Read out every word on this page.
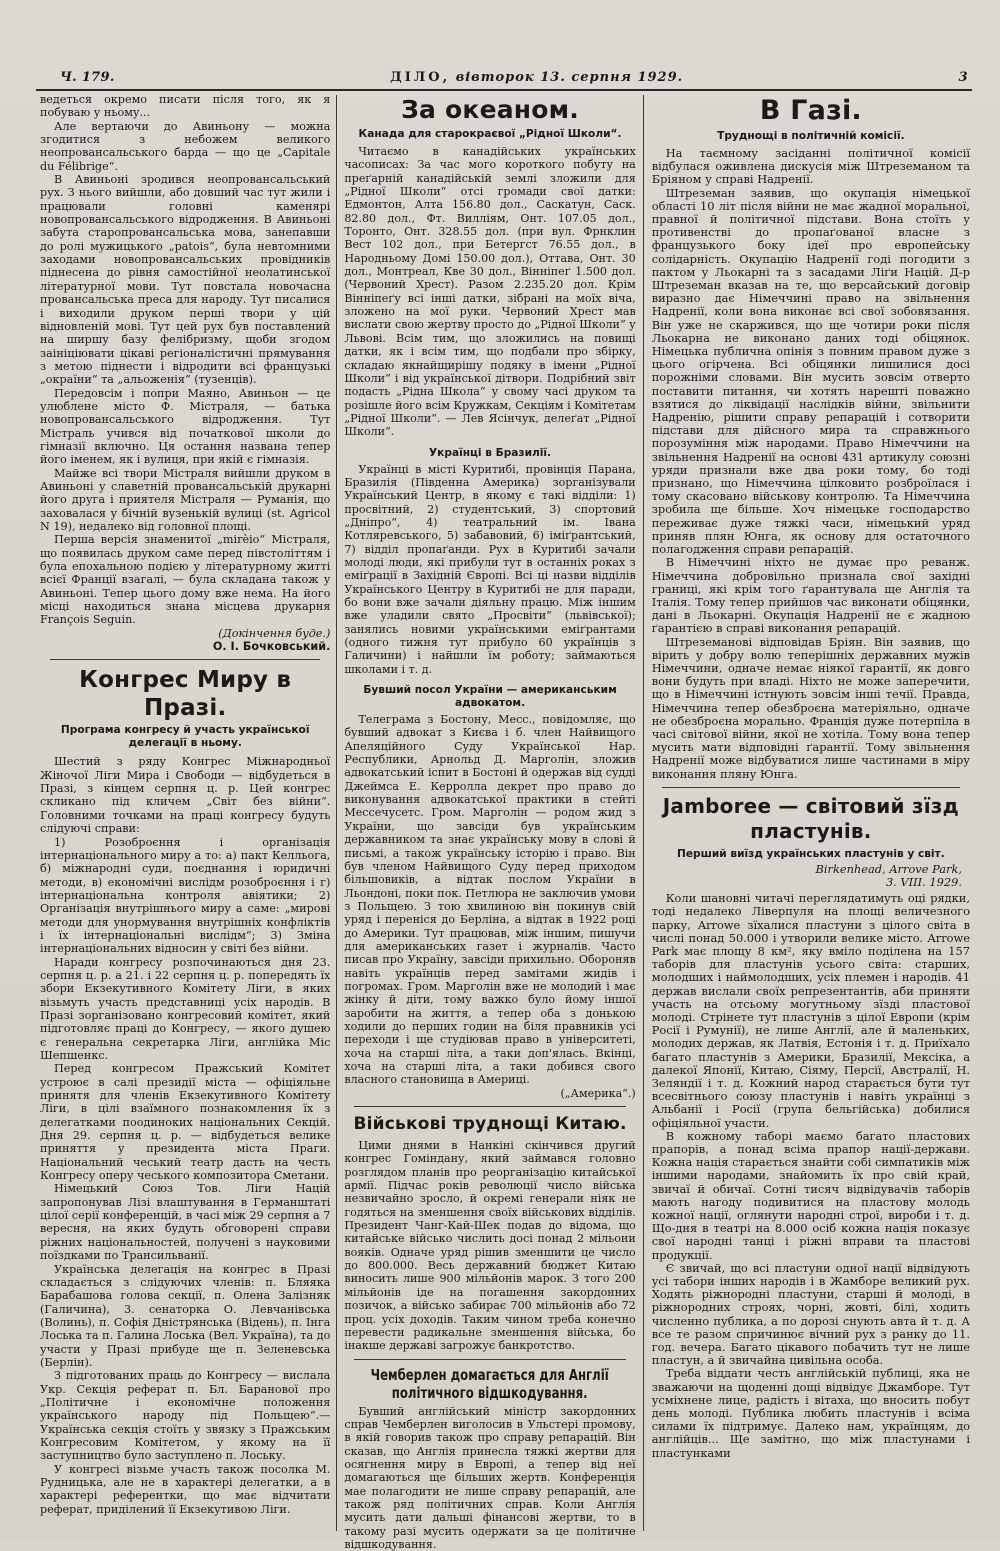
Ч. 179.	ДІЛО, вівторок 13. серпня 1929.	3

ведеться окремо писати після того, як я побуваю у ньому...

Але вертаючи до Авиньону — можна згодитися з небожем великого неопровансальського барда — що це „Capitale du Félibrige“.

В Авиньоні зродився неопровансальський рух. З нього вийшли, або довший час тут жили і працювали головні каменярі новопровансальського відродження. В Авиньоні забута старопровансальська мова, занепавши до ролі мужицького „patois“, була невтомними заходами новопровансальських провідників піднесена до рівня самостійної неолатинської літературної мови. Тут повстала новочасна провансальська преса для народу. Тут писалися і виходили друком перші твори у цій відновленій мові. Тут цей рух був поставлений на ширшу базу фелібризму, щоби згодом заініціювати цікаві регіоналістичні прямування з метою піднести і відродити всі французькі „окраїни“ та „альоженія“ (тузенців).

Передовсім і попри Маяно, Авиньон — це улюблене місто Ф. Містраля, — батька новопровансальського відродження. Тут Містраль учився від початкової школи до гімназії включно. Ця остання названа тепер його іменем, як і вулиця, при якій є гімназія.

Майже всі твори Містраля вийшли друком в Авиньоні у славетній провансальській друкарні його друга і приятеля Містраля — Руманія, що заховалася у бічній вузенькій вулиці (st. Agricol N 19), недалеко від головної площі.

Перша версія знаменитої „mirèio“ Містраля, що появилась друком саме перед півстоліттям і була епохальною подією у літературному житті всієї Франції взагалі, — була складана також у Авиньоні. Тепер цього дому вже нема. На його місці находиться знана місцева друкарня François Seguin.

(Докінчення буде.)

О. І. Бочковський.

Конгрес Миру в Празі.
Програма конгресу й участь української делегації в ньому.

Шестий з ряду Конгрес Міжнародньої Жіночої Ліги Мира і Свободи — відбудеться в Празі, з кінцем серпня ц. р. Цей конгрес скликано під кличем „Світ без війни“. Головними точками на праці конгресу будуть слідуючі справи:

1) Розоброєння і організація інтернаціонального миру а то: а) пакт Келльога, б) міжнародні суди, поєднання і юридичні методи, в) економічні вислідм розоброєння і г) інтернаціональна контроля авіятики; 2) Організація внутрішнього миру а саме: „мирові методи для унормування внутрішніх конфліктів і їх інтернаціональні вислідм“; 3) Зміна інтернаціональних відносин у світі без війни.

Наради конгресу розпочинаються дня 23. серпня ц. р. а 21. і 22 серпня ц. р. попередять їх збори Екзекутивного Комітету Ліги, в яких візьмуть участь представниці усіх народів. В Празі зорганізовано конгресовий комітет, який підготовляє праці до Конгресу, — якого душею є генеральна секретарка Ліги, англійка Міс Шепшенкс.

Перед конгресом Пражський Комітет устроює в салі президії міста — офіціяльне принятя для членів Екзекутивного Комітету Ліги, в цілі взаїмного познакомлення їх з делегатками поодиноких національних Секцій. Дня 29. серпня ц. р. — відбудеться велике приняття у президента міста Праги. Національний чеський театр дасть на честь Конгресу оперу чеського композитора Сметани.

Німецький Союз Тов. Ліги Націй запропонував Лізі влаштування в Германштаті цілої серії конференцій, в часі між 29 серпня а 7 вересня, на яких будуть обговорені справи ріжних національностей, получені з науковими поїздками по Трансильванії.

Українська делегація на конгрес в Празі складається з слідуючих членів: п. Бляяка Барабашова голова секції, п. Олена Залізняк (Галичина), 3. сенаторка О. Левчанівська (Волинь), п. Софія Дністрянська (Відень), п. Інга Лоська та п. Галина Лоська (Вел. Україна), та до участи у Празі прибуде ще п. Зеленевська (Берлін).

З підготованих праць до Конгресу — вислала Укр. Секція реферат п. Бл. Баранової про „Політичне і економічне положення українського народу під Польщею“.— Українська секція стоїть у звязку з Пражським Конгресовим Комітетом, у якому на її заступництво було заступлено п. Лоську.

У конгресі візьме участь також посолка М. Рудницька, але не в характері делегатки, а в характері референтки, що має відчитати реферат, приділений її Екзекутивою Ліги.

За океаном.
Канада для старокраєвої „Рідної Школи“.

Читаємо в канадійських українських часописах: За час мого короткого побуту на преґарній канадійській землі зложили для „Рідної Школи“ отсі громади свої датки: Едмонтон, Алта 156.80 дол., Саскатун, Саск. 82.80 дол., Фт. Вилліям, Онт. 107.05 дол., Торонто, Онт. 328.55 дол. (при вул. Фрнклин Вест 102 дол., при Бетергст 76.55 дол., в Народньому Домі 150.00 дол.), Оттава, Онт. 30 дол., Монтреал, Кве 30 дол., Вінніпеґ 1.500 дол. (Червоний Хрест). Разом 2.235.20 дол. Крім Вінніпеґу всі інші датки, зібрані на моїх віча, зложено на мої руки. Червоний Хрест мав вислати свою жертву просто до „Рідної Школи“ у Львові. Всім тим, що зложились на повищі датки, як і всім тим, що подбали про збірку, складаю якнайщирішу подяку в імени „Рідної Школи“ і від української дітвори. Подрібний звіт подасть „Рідна Школа“ у свому часі друком та розішле його всім Кружкам, Секціям і Комітетам „Рідної Школи“. — Лев Ясінчук, делеґат „Рідної Школи“.

Українці в Бразилії.

Українці в місті Куритибі, провінція Парана, Бразилія (Південна Америка) зорганізували Український Центр, в якому є такі відділи: 1) просвітний, 2) студентський, 3) спортовий „Дніпро“, 4) театральний ім. Івана Котляревського, 5) забавовий, 6) іміґрантський, 7) відділ пропаґанди. Рух в Куритибі зачали молоді люди, які прибули тут в останніх роках з еміґрації в Західній Європі. Всі ці назви відділів Українського Центру в Куритибі не для паради, бо вони вже зачали діяльну працю. Між іншим вже уладили свято „Просвіти“ (львівської); занялись новими українськими еміґрантами (одного тижня тут прибуло 60 українців з Галичини) і найшли їм роботу; займаються школами і т. д.

Бувший посол України — американським адвокатом.

Телеграма з Бостону, Месс., повідомляє, що бувший адвокат з Києва і б. член Найвищого Апеляційного Суду Української Нар. Республики, Арнольд Д. Марголін, зложив адвокатський іспит в Бостоні й одержав від судді Джеймса Е. Керролла декрет про право до виконування адвокатської практики в стейті Мессечусетс. Гром. Марголін — родом жид з України, що завсіди був українським державником та знає українську мову в слові й письмі, а також українську історію і право. Він був членом Найвищого Суду перед приходом більшовиків, а відтак послом України в Льондоні, поки пок. Петлюра не заключив умови з Польщею. З тою хвилиною він покинув свій уряд і переніся до Берліна, а відтак в 1922 році до Америки. Тут працював, між іншим, пишучи для американських газет і журналів. Часто писав про Україну, завсіди прихильно. Обороняв навіть українців перед замітами жидів і погромах. Гром. Марголін вже не молодий і має жінку й діти, тому важко було йому іншої заробити на життя, а тепер оба з донькою ходили до перших годин на біля правників усі переходи і ще студіював право в університеті, хоча на старші літа, а таки доп'ялась. Вкінці, хоча на старші літа, а таки добився свого власного становища в Америці.

(„Америка“.)

Військові труднощі Китаю.

Цими днями в Нанкіні скінчився другий конгрес Гоміндану, який займався головно розглядом планів про реорганізацію китайської армії. Підчас років революції число війська незвичайно зросло, й окремі генерали ніяк не годяться на зменшення своїх військових відділів. Президент Чанг-Кай-Шек подав до відома, що китайське військо числить досі понад 2 мільони вояків. Одначе уряд рішив зменшити це число до 800.000. Весь державний бюджет Китаю виносить лише 900 мільйонів марок. З того 200 мільйонів іде на погашення закордонних позичок, а військо забирає 700 мільйонів або 72 проц. усіх доходів. Таким чином треба конечно перевести радикальне зменшення війська, бо інакше державі загрожує банкротство.

Чемберлен домагається для Англії політичного відшкодування.

Бувший англійський міністр закордонних справ Чемберлен виголосив в Ульстері промову, в якій говорив також про справу репарацій. Він сказав, що Англія принесла тяжкі жертви для осягнення миру в Европі, а тепер від неї домагаються ще більших жертв. Конференція мае полагодити не лише справу репарацій, але також ряд політичних справ. Коли Англія мусить дати дальші фінансові жертви, то в такому разі мусить одержати за це політичне відшкодування.

В Газі.
Труднощі в політичній комісії.

На таємному засіданні політичної комісії відбулася оживлена дискусія між Штреземаном та Бріяном у справі Надренії.

Штреземан заявив, що окупація німецької області 10 літ після війни не має жадної моральної, правної й політичної підстави. Вона стоїть у противенстві до пропаґованої власне з французького боку ідеї про европейську солідарність. Окупацію Надренії годі погодити з пактом у Льокарні та з засадами Ліґи Націй. Д-р Штреземан вказав на те, що версайський договір виразно дає Німеччині право на звільнення Надренії, коли вона виконає всі свої зобовязання. Він уже не скаржився, що ще чотири роки після Льокарна не виконано даних тоді обіцянок. Німецька публична опінія з повним правом дуже з цього огірчена. Всі обіцянки лишилися досі порожніми словами. Він мусить зовсім отверто поставити питання, чи хотять нарешті поважно взятися до ліквідації наслідків війни, звільнити Надренію, рішити справу репарацій і сотворити підстави для дійсного мира та справжнього порозуміння між народами. Право Німеччини на звільнення Надренії на основі 431 артикулу союзні уряди признали вже два роки тому, бо тоді признано, що Німеччина цілковито розброїлася і тому скасовано військову контролю. Та Німеччина зробила ще більше. Хоч німецьке господарство переживає дуже тяжкі часи, німецький уряд приняв плян Юнга, як основу для остаточного полагодження справи репарацій.

В Німеччині ніхто не думає про реванж. Німеччина добровільно признала свої західні границі, які крім того ґарантувала ще Англія та Італія. Тому тепер прийшов час виконати обіцянки, дані в Льокарні. Окупація Надренії не є жадною ґарантією в справі виконання репарацій.

Штреземанові відповідав Бріян. Він заявив, що вірить у добру волю теперішніх державних мужів Німеччини, одначе немає ніякої ґарантії, як довго вони будуть при владі. Ніхто не може заперечити, що в Німеччині істнують зовсім інші течії. Правда, Німеччина тепер обезброєна матеріяльно, одначе не обезброєна морально. Франція дуже потерпіла в часі світової війни, якої не хотіла. Тому вона тепер мусить мати відповідні ґарантії. Тому звільнення Надренії може відбуватися лише частинами в міру виконання пляну Юнга.

Jamboree — світовий зїзд пластунів.
Перший виїзд українських пластунів у світ.

Birkenhead, Arrove Park,

3. VIII. 1929.

Коли шановні читачі переглядатимуть оці рядки, тоді недалеко Ліверпуля на площі величезного парку, Arrowe зїхалися пластуни з цілого світа в числі понад 50.000 і утворили велике місто. Arrowe Park має площу 8 км², яку вміло поділена на 157 таборів для пластунів усього світа: старших, молодших і наймолодших, усіх племен і народів. 41 держав вислали своїх репрезентантів, аби приняти участь на отсьому могутньому зїзді пластової молоді. Стрінете тут пластунів з цілої Европи (крім Росії і Румунії), не лише Англії, але й маленьких, молодих держав, як Латвія, Естонія і т. д. Приїхало багато пластунів з Америки, Бразилії, Мексіка, а далекої Японії, Китаю, Сіяму, Персії, Австралії, Н. Зеляндії і т. д. Кожний народ старається бути тут всесвітнього союзу пластунів і навіть українці з Альбанії і Росії (група бельгійська) добилися офіціяльної участи.

В кожному таборі маємо багато пластових прапорів, а понад всіма прапор нації-держави. Кожна нація старається знайти собі симпатиків між іншими народами, знайомить їх про свій край, звичаї й обичаї. Сотні тисяч відвідувачів таборів мають нагоду подивитися на пластову молодь кожної нації, оглянути народні строї, вироби і т. д. Що-дня в театрі на 8.000 осіб кожна нація показує свої народні танці і ріжні вправи та пластові продукції.

Є звичай, що всі пластуни одної нації відвідують усі табори інших народів і в Жамборе великий рух. Ходять ріжнородні пластуни, старші й молоді, в ріжнородних строях, чорні, жовті, білі, ходить численно публика, а по дорозі снують авта й т. д. А все те разом спричинює вічний рух з ранку до 11. год. вечера. Багато цікавого побачить тут не лише пластун, а й звичайна цивільна особа.

Треба віддати честь англійській публиці, яка не зважаючи на щоденні дощі відвідує Джамборе. Тут усміхнене лице, радість і вітаха, що вносить побут день молоді. Публика любить пластунів і всіма силами їх підтримує. Далеко нам, українцям, до англійців... Ще замітно, що між пластунами і пластунками
